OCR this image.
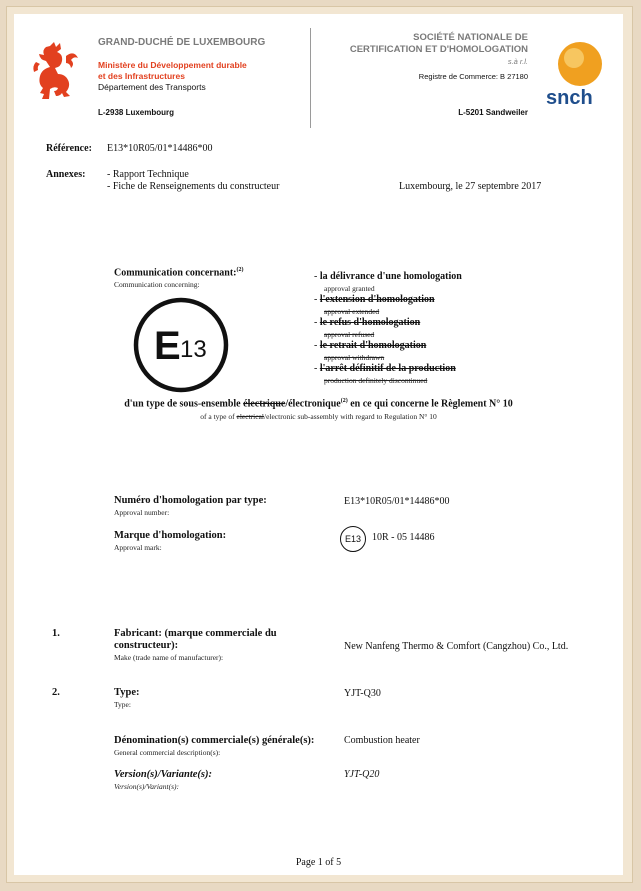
GRAND-DUCHÉ DE LUXEMBOURG
Ministère du Développement durable
et des Infrastructures
Département des Transports
L-2938 Luxembourg
SOCIÉTÉ NATIONALE DE
CERTIFICATION ET D'HOMOLOGATION
s.à r.l.
Registre de Commerce: B 27180
L-5201 Sandweiler
snch
Référence: E13*10R05/01*14486*00
Annexes: - Rapport Technique
- Fiche de Renseignements du constructeur	Luxembourg, le 27 septembre 2017
Communication concernant:$^{(2)}$
Communication concerning:
E 13
- la délivrance d'une homologation
approval granted
- l'extension d'homologation
approval extended
- le refus d'homologation
approval refused
- le retrait d'homologation
approval withdrawn
- l'arrêt définitif de la production
production definitely discontinued
d'un type de sous-ensemble électrique/électronique$^{(2)}$ en ce qui concerne le Règlement N° 10
of a type of electrical/electronic sub-assembly with regard to Regulation N° 10
Numéro d'homologation par type:
Approval number:
E13*10R05/01*14486*00
Marque d'homologation:
Approval mark:
E13	10R - 05 14486
1.	Fabricant: (marque commerciale du
constructeur):
Make (trade name of manufacturer):
New Nanfeng Thermo & Comfort (Cangzhou) Co., Ltd.
2.	Type:
Type:
YJT-Q30
Dénomination(s) commerciale(s) générale(s):
General commercial description(s):
Combustion heater
Version(s)/Variante(s):
Version(s)/Variant(s):
YJT-Q20
Page 1 of 5
